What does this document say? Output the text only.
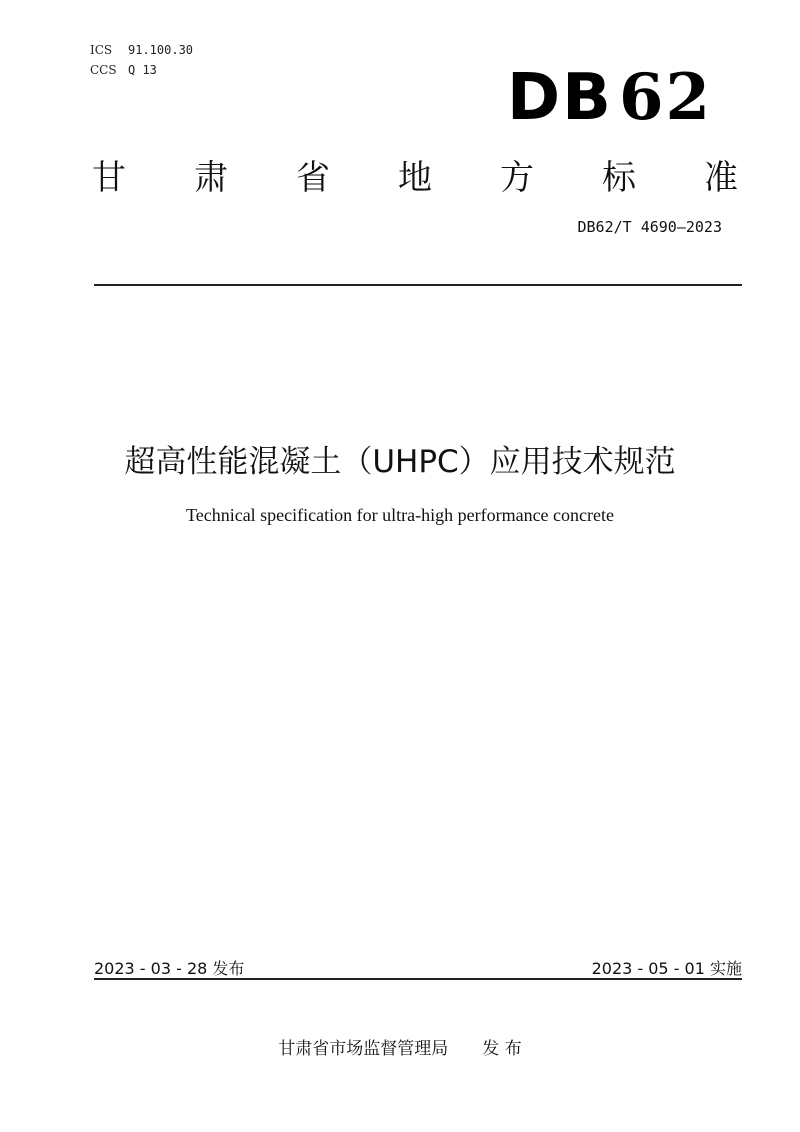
ICS	91.100.30
CCS Q 13	DB62
甘 肃 省 地 方 标 准
DB62/T 4690—2023
超高性能混凝土（UHPC）应用技术规范
Technical specification for ultra-high performance concrete
2023 - 03 - 28 发布	2023 - 05 - 01 实施
甘肃省市场监督管理局 发 布
